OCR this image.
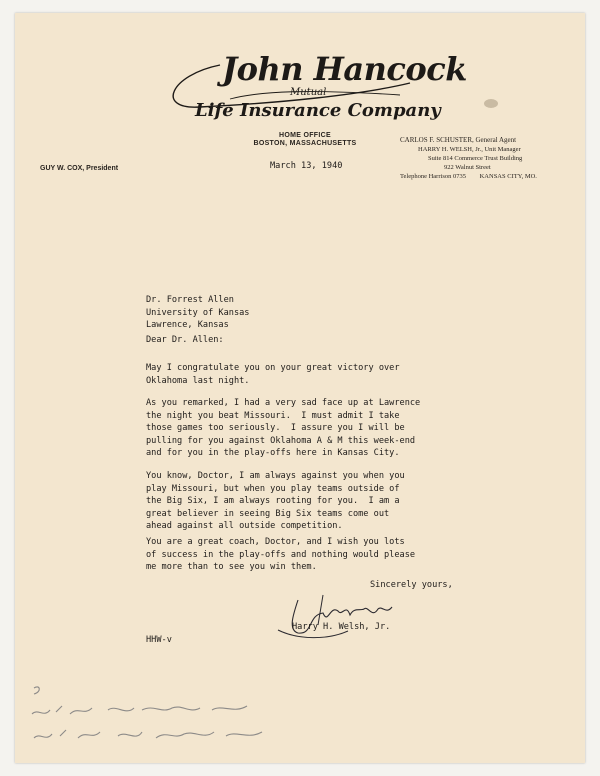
John Hancock
Mutual
Life Insurance Company
HOME OFFICE
BOSTON, MASSACHUSETTS
GUY W. COX, President
CARLOS F. SCHUSTER, General Agent
HARRY H. WELSH, Jr., Unit Manager
Suite 814 Commerce Trust Building
922 Walnut Street
Telephone Harrison 0735 KANSAS CITY, MO.
March 13, 1940
Dr. Forrest Allen
University of Kansas
Lawrence, Kansas
Dear Dr. Allen:
May I congratulate you on your great victory over
Oklahoma last night.
As you remarked, I had a very sad face up at Lawrence
the night you beat Missouri.  I must admit I take
those games too seriously.  I assure you I will be
pulling for you against Oklahoma A & M this week-end
and for you in the play-offs here in Kansas City.
You know, Doctor, I am always against you when you
play Missouri, but when you play teams outside of
the Big Six, I am always rooting for you.  I am a
great believer in seeing Big Six teams come out
ahead against all outside competition.
You are a great coach, Doctor, and I wish you lots
of success in the play-offs and nothing would please
me more than to see you win them.
Sincerely yours,
Harry H. Welsh, Jr.
HHW-v
